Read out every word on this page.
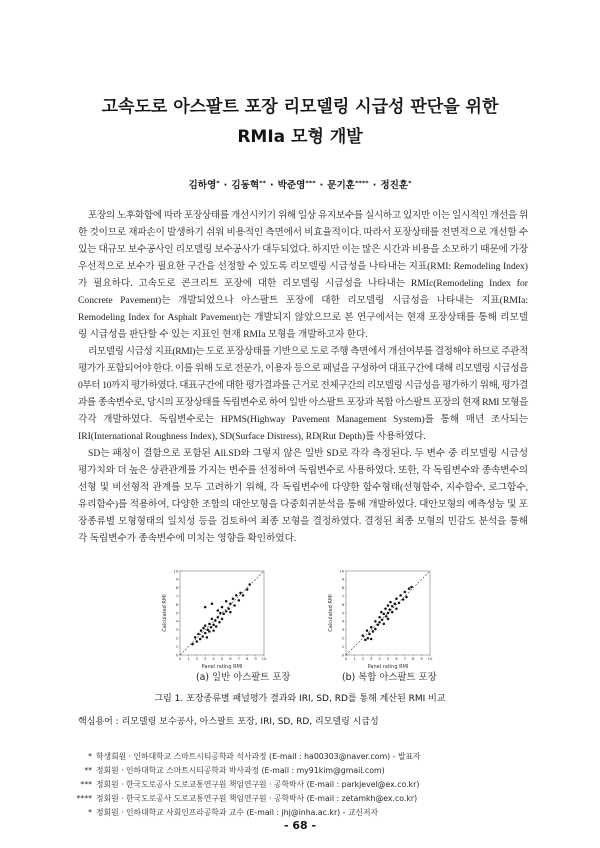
고속도로 아스팔트 포장 리모델링 시급성 판단을 위한
RMIa 모형 개발
김하영* · 김동혁** · 박준영*** · 문기훈**** · 정진훈*
포장의 노후화함에 따라 포장상태를 개선시키기 위해 일상 유지보수를 실시하고 있지만 이는 일시적인 개선을 위
한 것이므로 재파손이 발생하기 쉬워 비용적인 측면에서 비효율적이다. 따라서 포장상태를 전면적으로 개선할 수
있는 대규모 보수공사인 리모델링 보수공사가 대두되었다. 하지만 이는 많은 시간과 비용을 소모하기 때문에 가장
우선적으로 보수가 필요한 구간을 선정할 수 있도록 리모델링 시급성을 나타내는 지표(RMI: Remodeling Index)
가 필요하다. 고속도로 콘크리트 포장에 대한 리모델링 시급성을 나타내는 RMIc(Remodeling Index for
Concrete Pavement)는 개발되었으나 아스팔트 포장에 대한 리모델링 시급성을 나타내는 지표(RMIa:
Remodeling Index for Asphalt Pavement)는 개발되지 않았으므로 본 연구에서는 현재 포장상태를 통해 리모델
링 시급성을 판단할 수 있는 지표인 현재 RMIa 모형을 개발하고자 한다.
리모델링 시급성 지표(RMI)는 도로 포장상태를 기반으로 도로 주행 측면에서 개선여부를 결정해야 하므로 주관적
평가가 포함되어야 한다. 이를 위해 도로 전문가, 이용자 등으로 패널을 구성하여 대표구간에 대해 리모델링 시급성을
0부터 10까지 평가하였다. 대표구간에 대한 평가결과를 근거로 전체구간의 리모델링 시급성을 평가하기 위해, 평가결
과를 종속변수로, 당시의 포장상태를 독립변수로 하여 일반 아스팔트 포장과 복합 아스팔트 포장의 현재 RMI 모형을
각각 개발하였다. 독립변수로는 HPMS(Highway Pavement Management System)를 통해 매년 조사되는
IRI(International Roughness Index), SD(Surface Distress), RD(Rut Depth)를 사용하였다.
SD는 패칭이 결함으로 포함된 All.SD와 그렇지 않은 일반 SD로 각각 측정된다. 두 변수 중 리모델링 시급성
평가치와 더 높은 상관관계를 가지는 변수를 선정하여 독립변수로 사용하였다. 또한, 각 독립변수와 종속변수의
선형 및 비선형적 관계를 모두 고려하기 위해, 각 독립변수에 다양한 함수형태(선형함수, 지수함수, 로그함수,
유리함수)를 적용하여, 다양한 조합의 대안모형을 다중회귀분석을 통해 개발하였다. 대안모형의 예측성능 및 포
장종류별 모형형태의 일치성 등을 검토하여 최종 모형을 결정하였다. 결정된 최종 모형의 민감도 분석을 통해
각 독립변수가 종속변수에 미치는 영향을 확인하였다.
0 1 2 3 4 5 6 7 8 9 10
0
1
2
3
4
5
6
7
8
9
10
Calculated RMI
Panel rating RMI
0 1 2 3 4 5 6 7 8 9 10
0
1
2
3
4
5
6
7
8
9
10
Calculated RMI
Panel rating RMI
(a) 일반 아스팔트 포장	(b) 복합 아스팔트 포장
그림 1. 포장종류별 패널평가 결과와 IRI, SD, RD를 통해 계산된 RMI 비교
핵심용어 : 리모델링 보수공사, 아스팔트 포장, IRI, SD, RD, 리모델링 시급성
* 학생회원 · 인하대학교 스마트시티공학과 석사과정 (E-mail : ha00303@naver.com) - 발표자
** 정회원 · 인하대학교 스마트시티공학과 박사과정 (E-mail : my91kim@gmail.com)
*** 정회원 · 한국도로공사 도로교통연구원 책임연구원 · 공학박사 (E-mail : parkjevel@ex.co.kr)
**** 정회원 · 한국도로공사 도로교통연구원 책임연구원 · 공학박사 (E-mail : zetamkh@ex.co.kr)
* 정회원 · 인하대학교 사회인프라공학과 교수 (E-mail : jhj@inha.ac.kr) - 교신저자
- 68 -
